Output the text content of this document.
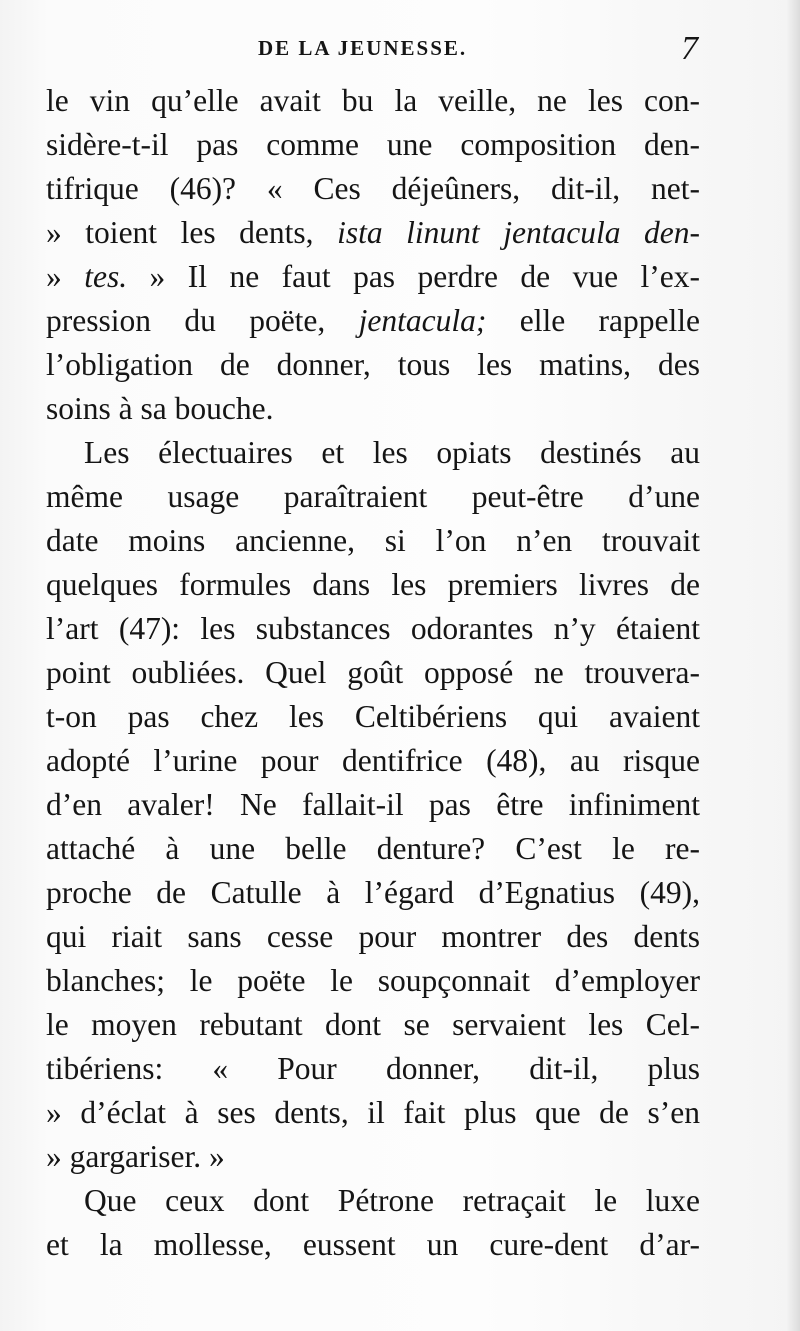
DE LA JEUNESSE.	7
le vin qu’elle avait bu la veille, ne les con-
sidère-t-il pas comme une composition den-
tifrique (46)? « Ces déjeûners, dit-il, net-
» toient les dents, ista linunt jentacula den-
» tes. » Il ne faut pas perdre de vue l’ex-
pression du poëte, jentacula; elle rappelle
l’obligation de donner, tous les matins, des
soins à sa bouche.
Les électuaires et les opiats destinés au
même usage paraîtraient peut-être d’une
date moins ancienne, si l’on n’en trouvait
quelques formules dans les premiers livres de
l’art (47): les substances odorantes n’y étaient
point oubliées. Quel goût opposé ne trouvera-
t-on pas chez les Celtibériens qui avaient
adopté l’urine pour dentifrice (48), au risque
d’en avaler! Ne fallait-il pas être infiniment
attaché à une belle denture? C’est le re-
proche de Catulle à l’égard d’Egnatius (49),
qui riait sans cesse pour montrer des dents
blanches; le poëte le soupçonnait d’employer
le moyen rebutant dont se servaient les Cel-
tibériens: « Pour donner, dit-il, plus
» d’éclat à ses dents, il fait plus que de s’en
» gargariser. »
Que ceux dont Pétrone retraçait le luxe
et la mollesse, eussent un cure-dent d’ar-
